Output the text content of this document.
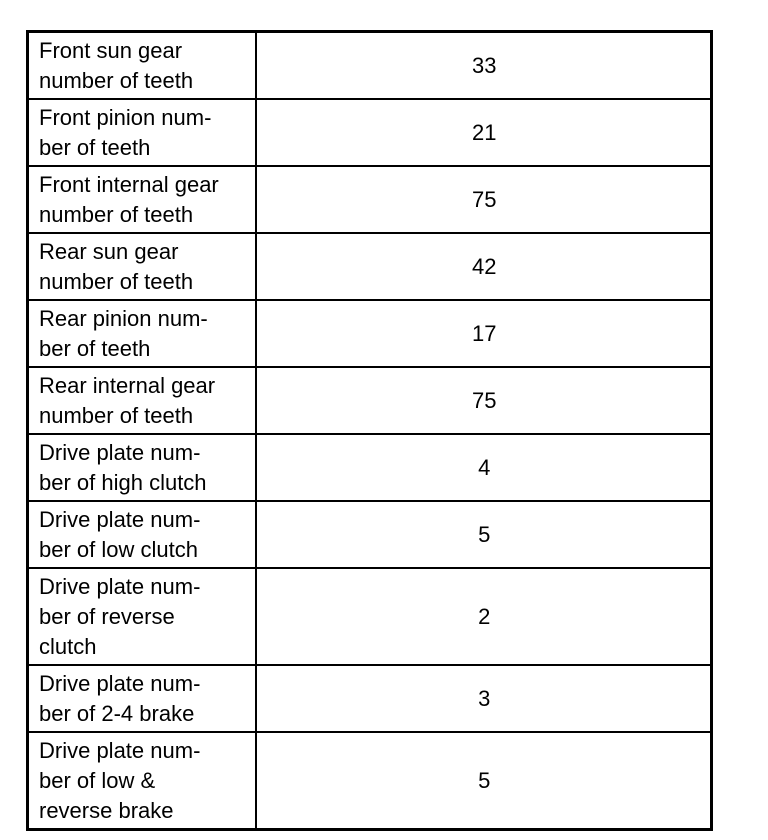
Front sun gear
number of teeth	33
Front pinion num-
ber of teeth	21
Front internal gear
number of teeth	75
Rear sun gear
number of teeth	42
Rear pinion num-
ber of teeth	17
Rear internal gear
number of teeth	75
Drive plate num-
ber of high clutch	4
Drive plate num-
ber of low clutch	5
Drive plate num-
ber of reverse
clutch	2
Drive plate num-
ber of 2-4 brake	3
Drive plate num-
ber of low &
reverse brake	5
